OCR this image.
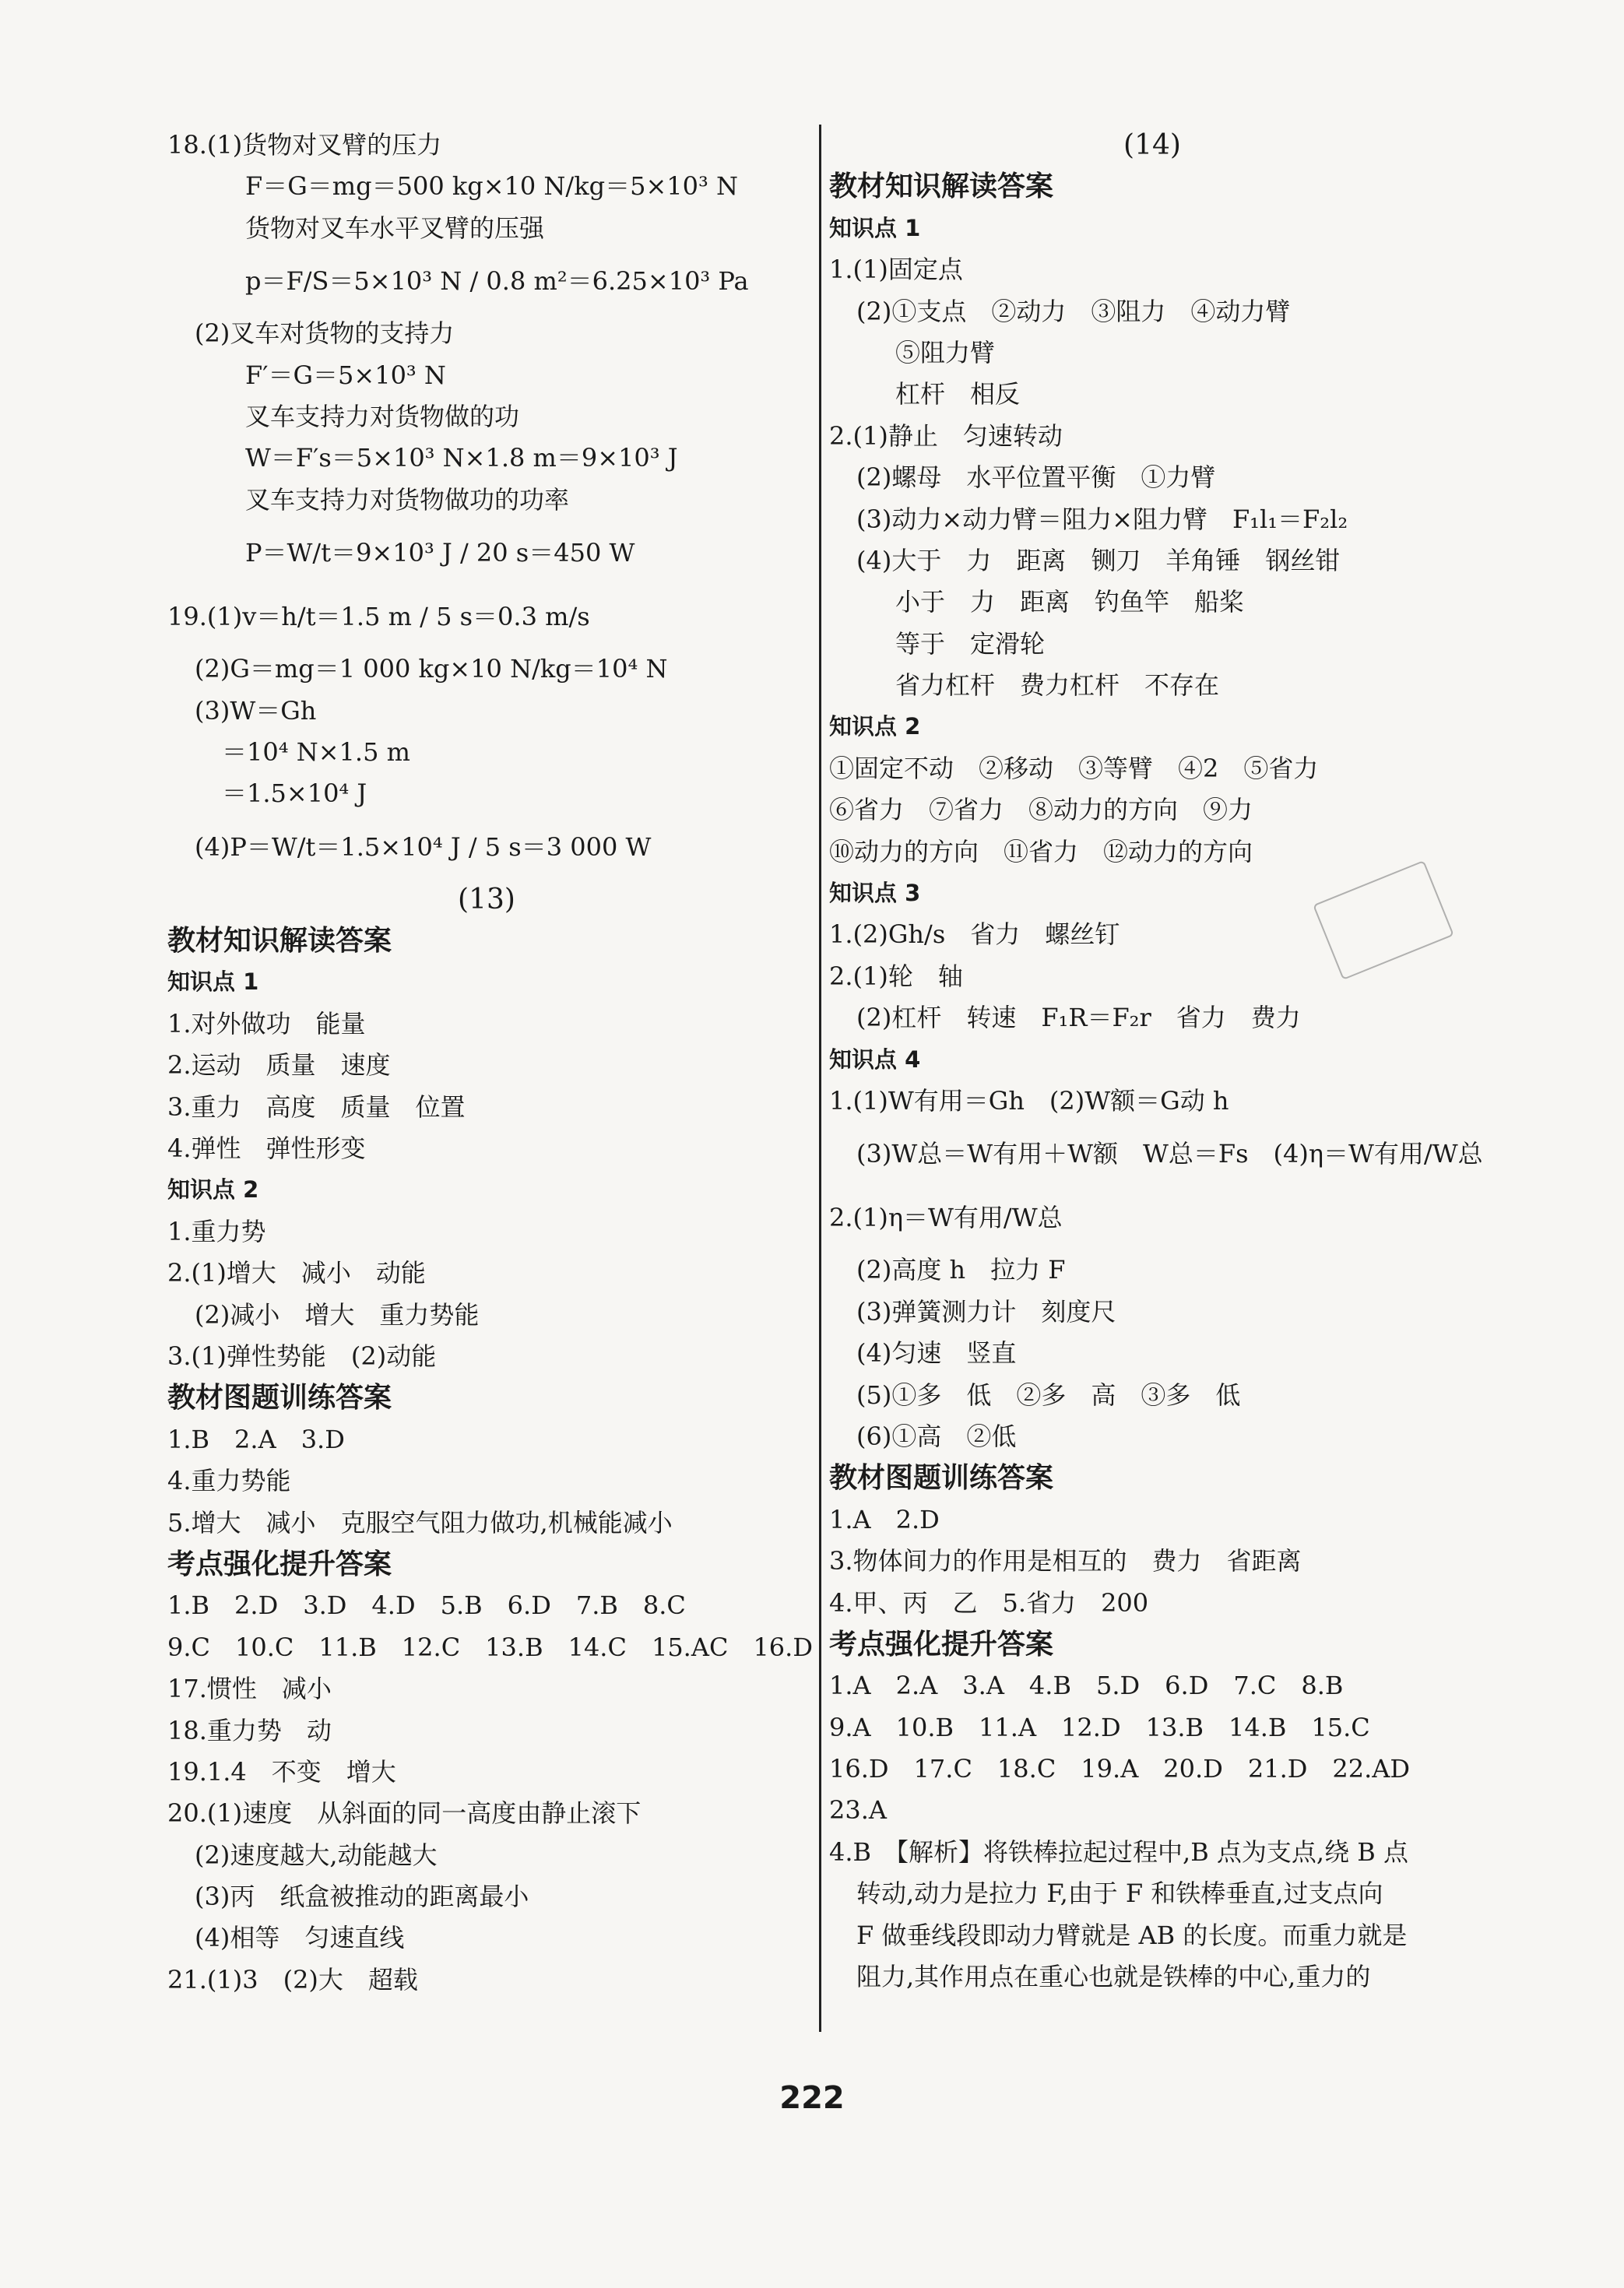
18.(1)货物对叉臂的压力
F＝G＝mg＝500 kg×10 N/kg＝5×10³ N
货物对叉车水平叉臂的压强
p＝F/S＝5×10³ N / 0.8 m²＝6.25×10³ Pa
(2)叉车对货物的支持力
F′＝G＝5×10³ N
叉车支持力对货物做的功
W＝F′s＝5×10³ N×1.8 m＝9×10³ J
叉车支持力对货物做功的功率
P＝W/t＝9×10³ J / 20 s＝450 W
19.(1)v＝h/t＝1.5 m / 5 s＝0.3 m/s
(2)G＝mg＝1 000 kg×10 N/kg＝10⁴ N
(3)W＝Gh
＝10⁴ N×1.5 m
＝1.5×10⁴ J
(4)P＝W/t＝1.5×10⁴ J / 5 s＝3 000 W
(13)
教材知识解读答案
知识点 1
1.对外做功　能量
2.运动　质量　速度
3.重力　高度　质量　位置
4.弹性　弹性形变
知识点 2
1.重力势
2.(1)增大　减小　动能
(2)减小　增大　重力势能
3.(1)弹性势能　(2)动能
教材图题训练答案
1.B　2.A　3.D
4.重力势能
5.增大　减小　克服空气阻力做功,机械能减小
考点强化提升答案
1.B　2.D　3.D　4.D　5.B　6.D　7.B　8.C
9.C　10.C　11.B　12.C　13.B　14.C　15.AC　16.D
17.惯性　减小
18.重力势　动
19.1.4　不变　增大
20.(1)速度　从斜面的同一高度由静止滚下
(2)速度越大,动能越大
(3)丙　纸盒被推动的距离最小
(4)相等　匀速直线
21.(1)3　(2)大　超载
(14)
教材知识解读答案
知识点 1
1.(1)固定点
(2)①支点　②动力　③阻力　④动力臂
⑤阻力臂
杠杆　相反
2.(1)静止　匀速转动
(2)螺母　水平位置平衡　①力臂
(3)动力×动力臂＝阻力×阻力臂　F₁l₁＝F₂l₂
(4)大于　力　距离　铡刀　羊角锤　钢丝钳
小于　力　距离　钓鱼竿　船桨
等于　定滑轮
省力杠杆　费力杠杆　不存在
知识点 2
①固定不动　②移动　③等臂　④2　⑤省力
⑥省力　⑦省力　⑧动力的方向　⑨力
⑩动力的方向　⑪省力　⑫动力的方向
知识点 3
1.(2)Gh/s　省力　螺丝钉
2.(1)轮　轴
(2)杠杆　转速　F₁R＝F₂r　省力　费力
知识点 4
1.(1)W有用＝Gh　(2)W额＝G动 h
(3)W总＝W有用＋W额　W总＝Fs　(4)η＝W有用/W总
2.(1)η＝W有用/W总
(2)高度 h　拉力 F
(3)弹簧测力计　刻度尺
(4)匀速　竖直
(5)①多　低　②多　高　③多　低
(6)①高　②低
教材图题训练答案
1.A　2.D
3.物体间力的作用是相互的　费力　省距离
4.甲、丙　乙　5.省力　200
考点强化提升答案
1.A　2.A　3.A　4.B　5.D　6.D　7.C　8.B
9.A　10.B　11.A　12.D　13.B　14.B　15.C
16.D　17.C　18.C　19.A　20.D　21.D　22.AD
23.A
4.B　【解析】将铁棒拉起过程中,B 点为支点,绕 B 点
转动,动力是拉力 F,由于 F 和铁棒垂直,过支点向
F 做垂线段即动力臂就是 AB 的长度。而重力就是
阻力,其作用点在重心也就是铁棒的中心,重力的
222
